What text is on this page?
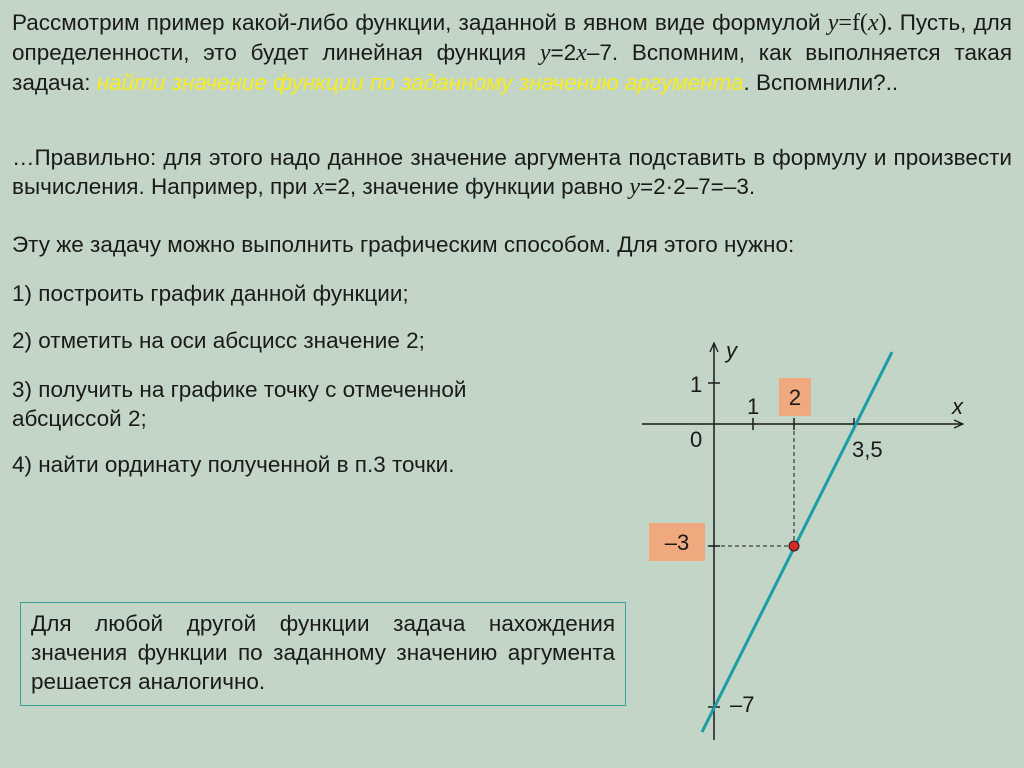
Рассмотрим пример какой-либо функции, заданной в явном виде формулой y=f(x). Пусть, для определенности, это будет линейная функция y=2x–7. Вспомним, как выполняется такая задача: найти значение функции по заданному значению аргумента. Вспомнили?..

…Правильно: для этого надо данное значение аргумента подставить в формулу и произвести вычисления. Например, при x=2, значение функции равно y=2·2–7=–3.

Эту же задачу можно выполнить графическим способом. Для этого нужно:

1) построить график данной функции;

2) отметить на оси абсцисс значение 2;

3) получить на графике точку с отмеченной

абсциссой 2;

4) найти ординату полученной в п.3 точки.

Для любой другой функции задача нахождения значения функции по заданному значению аргумента решается аналогично.
2
–3
y
x
0
1
1
3,5
–7
